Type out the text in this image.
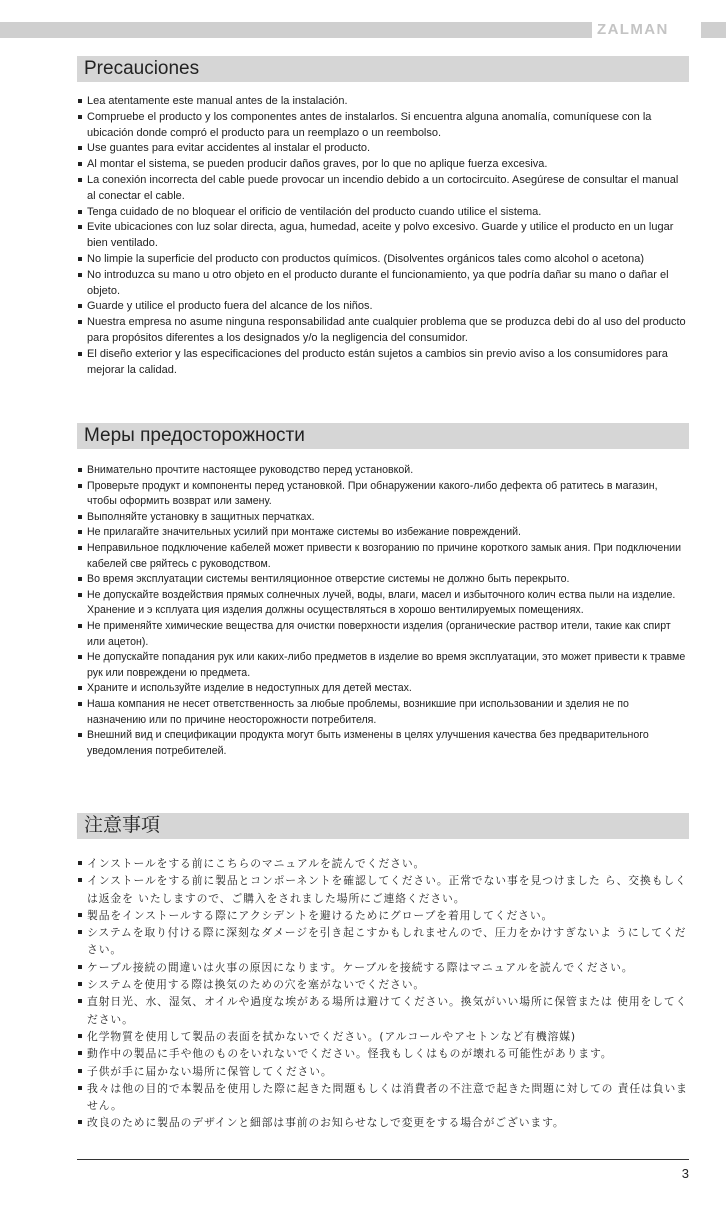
ZALMAN
Precauciones
Lea atentamente este manual antes de la instalación.
Compruebe el producto y los componentes antes de instalarlos. Si encuentra alguna anomalía, comuníquese con la ubicación donde compró el producto para un reemplazo o un reembolso.
Use guantes para evitar accidentes al instalar el producto.
Al montar el sistema, se pueden producir daños graves, por lo que no aplique fuerza excesiva.
La conexión incorrecta del cable puede provocar un incendio debido a un cortocircuito. Asegúrese de consultar el manual al conectar el cable.
Tenga cuidado de no bloquear el orificio de ventilación del producto cuando utilice el sistema.
Evite ubicaciones con luz solar directa, agua, humedad, aceite y polvo excesivo. Guarde y utilice el producto en un lugar bien ventilado.
No limpie la superficie del producto con productos químicos. (Disolventes orgánicos tales como alcohol o acetona)
No introduzca su mano u otro objeto en el producto durante el funcionamiento, ya que podría dañar su mano o dañar el objeto.
Guarde y utilice el producto fuera del alcance de los niños.
Nuestra empresa no asume ninguna responsabilidad ante cualquier problema que se produzca debi do al uso del producto para propósitos diferentes a los designados y/o la negligencia del consumidor.
El diseño exterior y las especificaciones del producto están sujetos a cambios sin previo aviso a los consumidores para mejorar la calidad.
Меры предосторожности
Внимательно прочтите настоящее руководство перед установкой.
Проверьте продукт и компоненты перед установкой. При обнаружении какого-либо дефекта об ратитесь в магазин, чтобы оформить возврат или замену.
Выполняйте установку в защитных перчатках.
Не прилагайте значительных усилий при монтаже системы во избежание повреждений.
Неправильное подключение кабелей может привести к возгоранию по причине короткого замык ания. При подключении кабелей све ряйтесь с руководством.
Во время эксплуатации системы вентиляционное отверстие системы не должно быть перекрыто.
Не допускайте воздействия прямых солнечных лучей, воды, влаги, масел и избыточного колич ества пыли на изделие. Хранение и э ксплуата ция изделия должны осуществляться в хорошо вентилируемых помещениях.
Не применяйте химические вещества для очистки поверхности изделия (органические раствор ители, такие как спирт или ацетон).
Не допускайте попадания рук или каких-либо предметов в изделие во время эксплуатации, это может привести к травме рук или повреждени ю предмета.
Храните и используйте изделие в недоступных для детей местах.
Наша компания не несет ответственность за любые проблемы, возникшие при использовании и зделия не по назначению или по причине неосторожности потребителя.
Внешний вид и спецификации продукта могут быть изменены в целях улучшения качества без предварительного уведомления потребителей.
注意事項
インストールをする前にこちらのマニュアルを読んでください。
インストールをする前に製品とコンポーネントを確認してください。正常でない事を見つけました ら、交換もしくは返金を いたしますので、ご購入をされました場所にご連絡ください。
製品をインストールする際にアクシデントを避けるためにグローブを着用してください。
システムを取り付ける際に深刻なダメージを引き起こすかもしれませんので、圧力をかけすぎないよ うにしてください。
ケーブル接続の間違いは火事の原因になります。ケーブルを接続する際はマニュアルを読んでください。
システムを使用する際は換気のための穴を塞がないでください。
直射日光、水、湿気、オイルや過度な埃がある場所は避けてください。換気がいい場所に保管または 使用をしてください。
化学物質を使用して製品の表面を拭かないでください。(アルコールやアセトンなど有機溶媒)
動作中の製品に手や他のものをいれないでください。怪我もしくはものが壊れる可能性があります。
子供が手に届かない場所に保管してください。
我々は他の目的で本製品を使用した際に起きた問題もしくは消費者の不注意で起きた問題に対しての 責任は負いません。
改良のために製品のデザインと細部は事前のお知らせなしで変更をする場合がございます。
3
